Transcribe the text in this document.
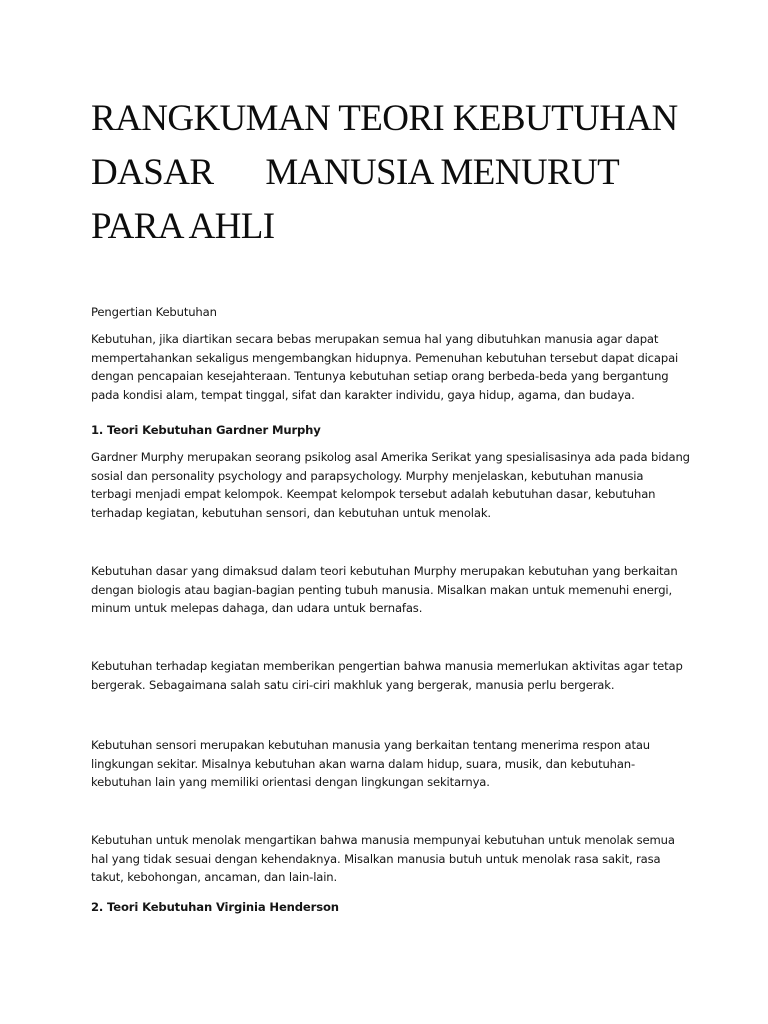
RANGKUMAN TEORI KEBUTUHAN
DASAR      MANUSIA MENURUT
PARA AHLI

Pengertian Kebutuhan

Kebutuhan, jika diartikan secara bebas merupakan semua hal yang dibutuhkan manusia agar dapat
mempertahankan sekaligus mengembangkan hidupnya. Pemenuhan kebutuhan tersebut dapat dicapai
dengan pencapaian kesejahteraan. Tentunya kebutuhan setiap orang berbeda-beda yang bergantung
pada kondisi alam, tempat tinggal, sifat dan karakter individu, gaya hidup, agama, dan budaya.

1. Teori Kebutuhan Gardner Murphy

Gardner Murphy merupakan seorang psikolog asal Amerika Serikat yang spesialisasinya ada pada bidang
sosial dan personality psychology and parapsychology. Murphy menjelaskan, kebutuhan manusia
terbagi menjadi empat kelompok. Keempat kelompok tersebut adalah kebutuhan dasar, kebutuhan
terhadap kegiatan, kebutuhan sensori, dan kebutuhan untuk menolak.

Kebutuhan dasar yang dimaksud dalam teori kebutuhan Murphy merupakan kebutuhan yang berkaitan
dengan biologis atau bagian-bagian penting tubuh manusia. Misalkan makan untuk memenuhi energi,
minum untuk melepas dahaga, dan udara untuk bernafas.

Kebutuhan terhadap kegiatan memberikan pengertian bahwa manusia memerlukan aktivitas agar tetap
bergerak. Sebagaimana salah satu ciri-ciri makhluk yang bergerak, manusia perlu bergerak.

Kebutuhan sensori merupakan kebutuhan manusia yang berkaitan tentang menerima respon atau
lingkungan sekitar. Misalnya kebutuhan akan warna dalam hidup, suara, musik, dan kebutuhan-
kebutuhan lain yang memiliki orientasi dengan lingkungan sekitarnya.

Kebutuhan untuk menolak mengartikan bahwa manusia mempunyai kebutuhan untuk menolak semua
hal yang tidak sesuai dengan kehendaknya. Misalkan manusia butuh untuk menolak rasa sakit, rasa
takut, kebohongan, ancaman, dan lain-lain.

2. Teori Kebutuhan Virginia Henderson
